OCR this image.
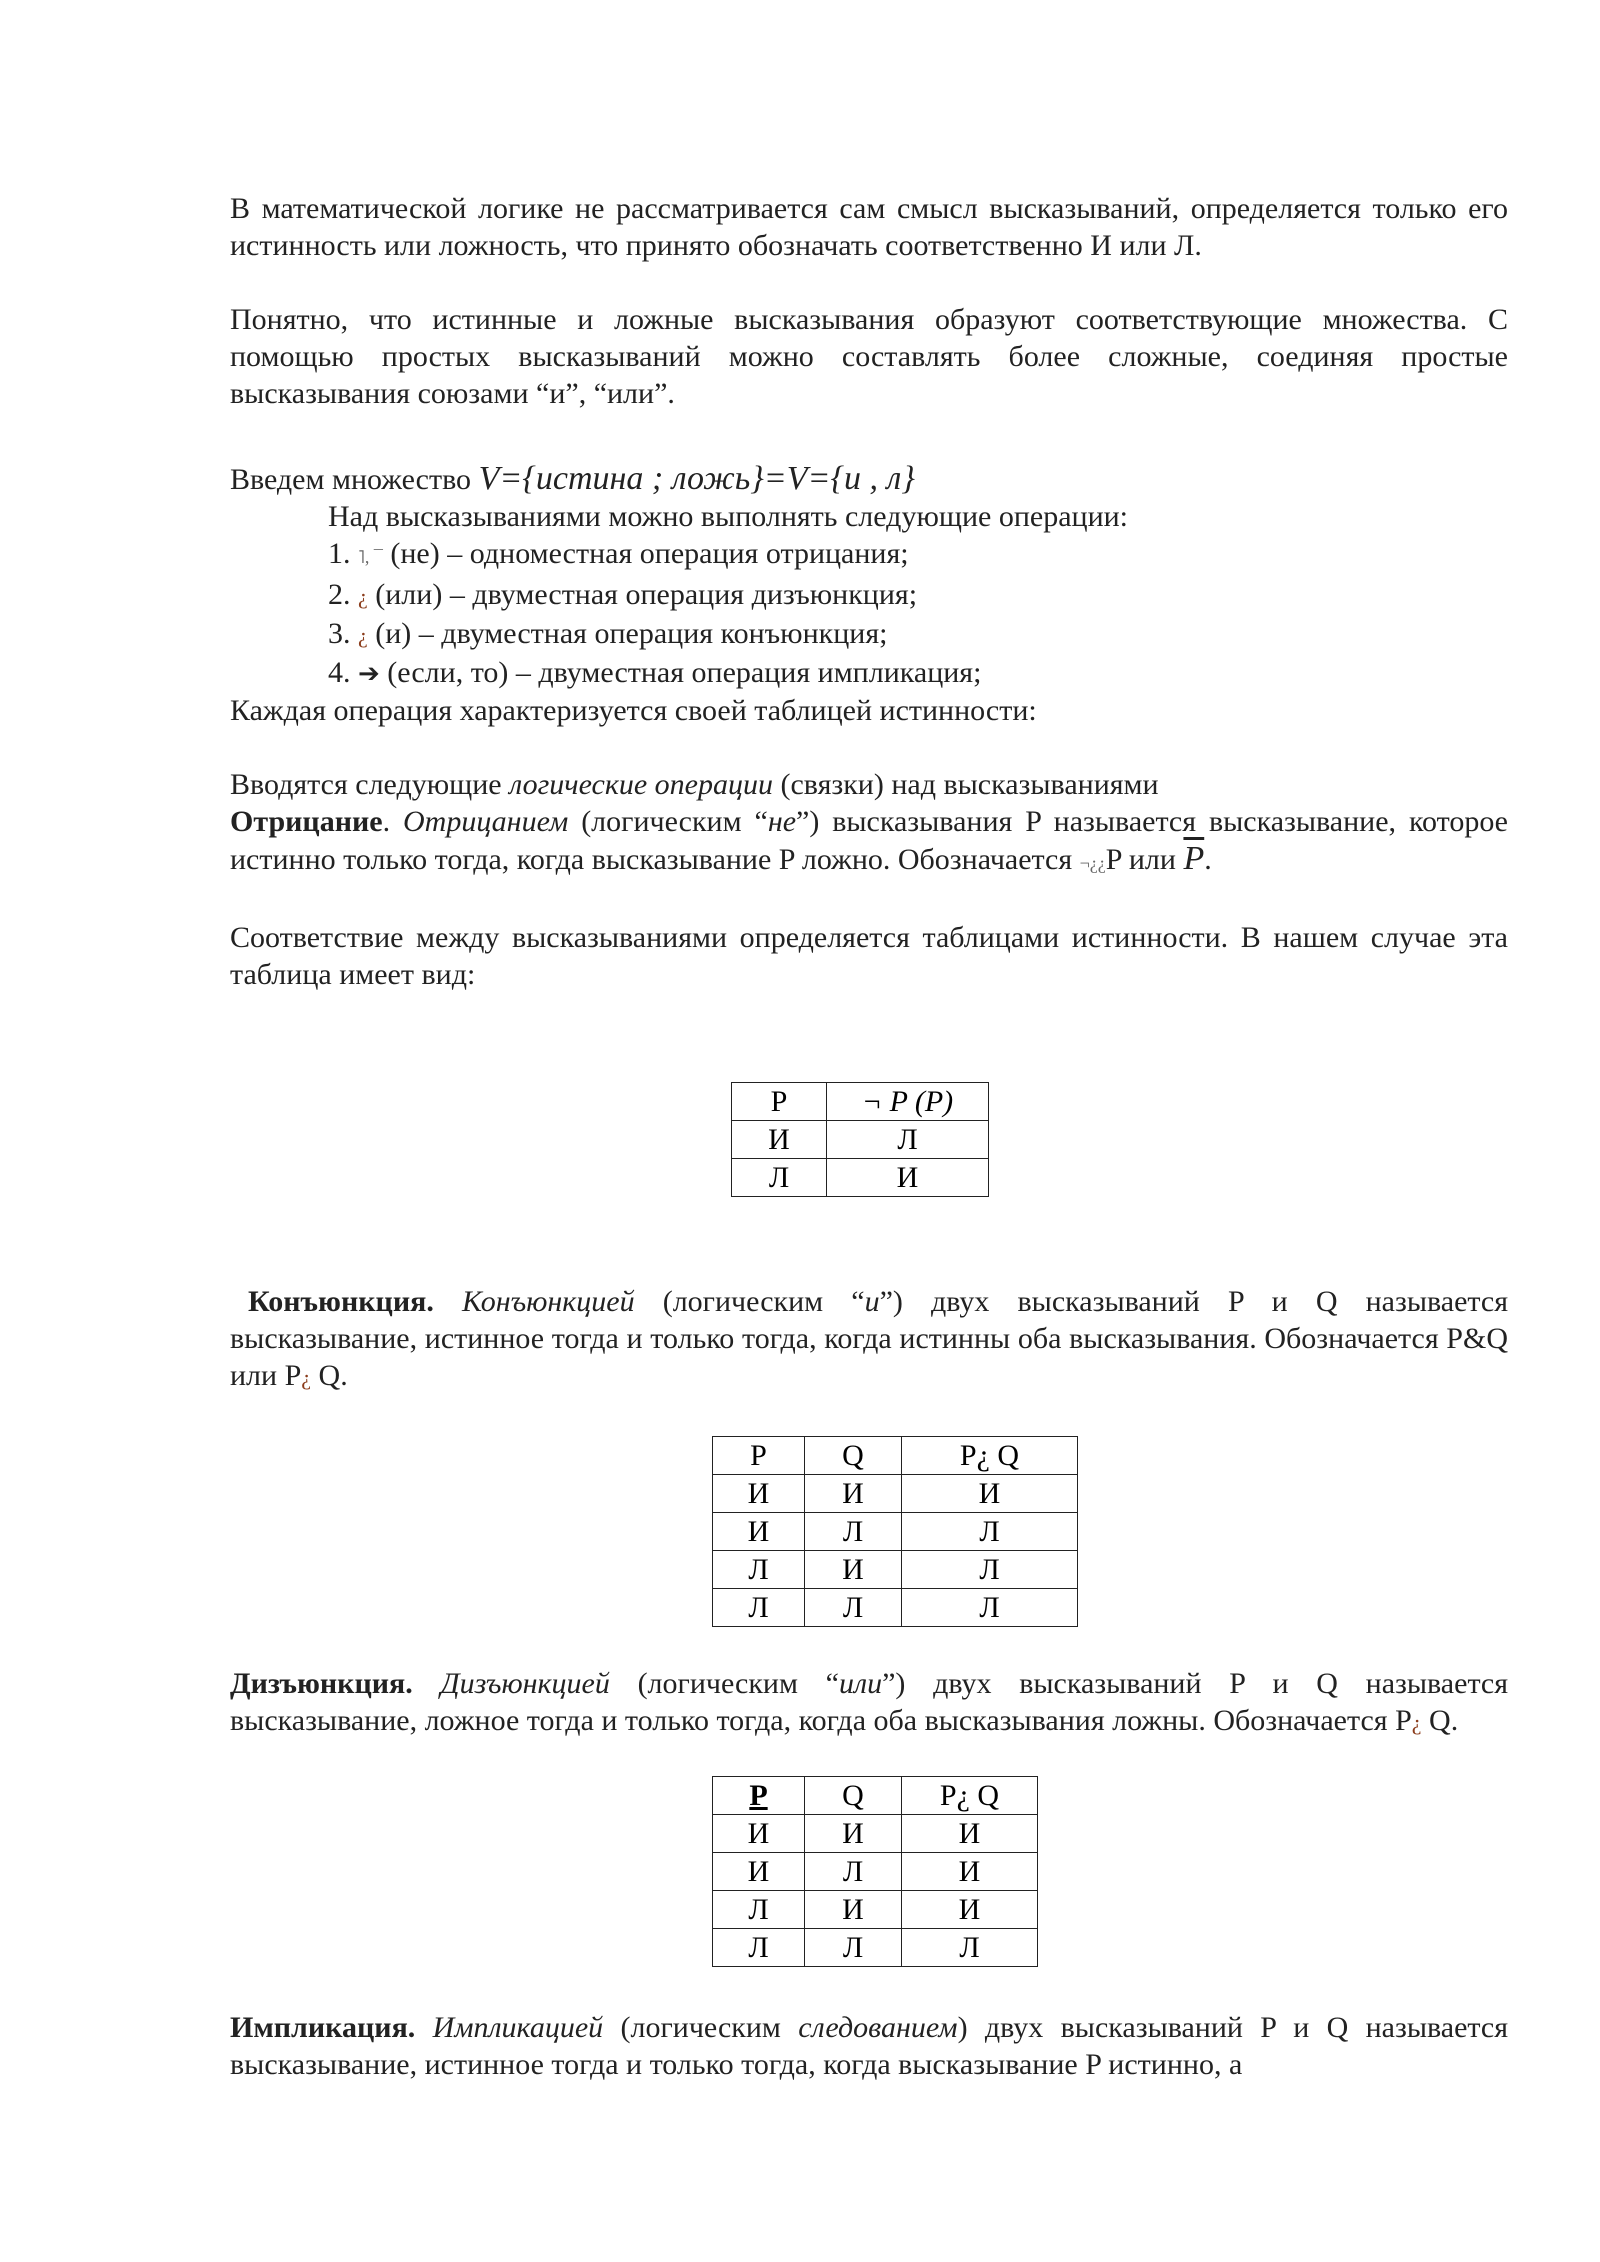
В математической логике не рассматривается сам смысл высказываний, определяется только его истинность или ложность, что принято обозначать соответственно И или Л.

Понятно, что истинные и ложные высказывания образуют соответствующие множества. С помощью простых высказываний можно составлять более сложные, соединяя простые высказывания союзами “и”, “или”.

Введем множество V={истина ; ложь}=V={и , л}

Над высказываниями можно выполнять следующие операции:

1. ˥, ¯ (не) – одноместная операция отрицания;
2. ¿ (или) – двуместная операция дизъюнкция;
3. ¿ (и) – двуместная операция конъюнкция;
4. ➔ (если, то) – двуместная операция импликация;

Каждая операция характеризуется своей таблицей истинности:

Вводятся следующие логические операции (связки) над высказываниями

Отрицание. Отрицанием (логическим “не”) высказывания P называется высказывание, которое истинно только тогда, когда высказывание P ложно. Обозначается ¬¿¿P или $\overline{P}$.

Соответствие между высказываниями определяется таблицами истинности. В нашем случае эта таблица имеет вид:

P	¬ P (P)
И	Л
Л	И

Конъюнкция. Конъюнкцией (логическим “и”) двух высказываний P и Q называется высказывание, истинное тогда и только тогда, когда истинны оба высказывания. Обозначается P&Q или P¿ Q.

P	Q	P¿ Q
И	И	И
И	Л	Л
Л	И	Л
Л	Л	Л

Дизъюнкция. Дизъюнкцией (логическим “или”) двух высказываний P и Q называется высказывание, ложное тогда и только тогда, когда оба высказывания ложны. Обозначается P¿ Q.

P	Q	P¿ Q
И	И	И
И	Л	И
Л	И	И
Л	Л	Л

Импликация. Импликацией (логическим следованием) двух высказываний P и Q называется высказывание, истинное тогда и только тогда, когда высказывание P истинно, а
